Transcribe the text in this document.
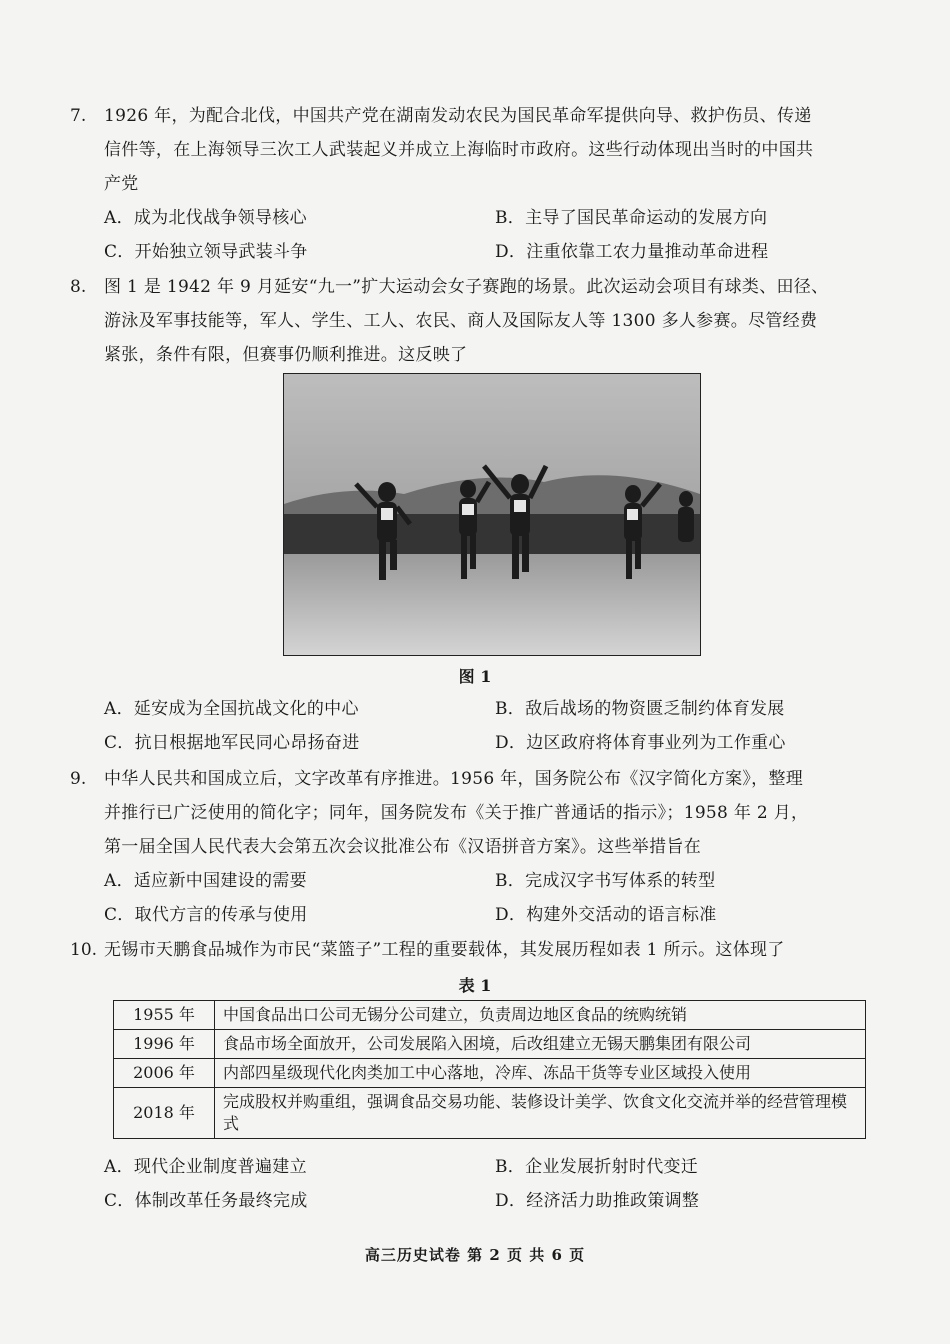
7. 1926 年，为配合北伐，中国共产党在湖南发动农民为国民革命军提供向导、救护伤员、传递
信件等，在上海领导三次工人武装起义并成立上海临时市政府。这些行动体现出当时的中国共
产党
A．成为北伐战争领导核心	B．主导了国民革命运动的发展方向
C．开始独立领导武装斗争	D．注重依靠工农力量推动革命进程
8. 图 1 是 1942 年 9 月延安“九一”扩大运动会女子赛跑的场景。此次运动会项目有球类、田径、
游泳及军事技能等，军人、学生、工人、农民、商人及国际友人等 1300 多人参赛。尽管经费
紧张，条件有限，但赛事仍顺利推进。这反映了
图 1
A．延安成为全国抗战文化的中心	B．敌后战场的物资匮乏制约体育发展
C．抗日根据地军民同心昂扬奋进	D．边区政府将体育事业列为工作重心
9. 中华人民共和国成立后，文字改革有序推进。1956 年，国务院公布《汉字简化方案》，整理
并推行已广泛使用的简化字；同年，国务院发布《关于推广普通话的指示》；1958 年 2 月，
第一届全国人民代表大会第五次会议批准公布《汉语拼音方案》。这些举措旨在
A．适应新中国建设的需要	B．完成汉字书写体系的转型
C．取代方言的传承与使用	D．构建外交活动的语言标准
10. 无锡市天鹏食品城作为市民“菜篮子”工程的重要载体，其发展历程如表 1 所示。这体现了
表 1
1955 年	中国食品出口公司无锡分公司建立，负责周边地区食品的统购统销
1996 年	食品市场全面放开，公司发展陷入困境，后改组建立无锡天鹏集团有限公司
2006 年	内部四星级现代化肉类加工中心落地，冷库、冻品干货等专业区域投入使用
2018 年	完成股权并购重组，强调食品交易功能、装修设计美学、饮食文化交流并举的经营管理模式
A．现代企业制度普遍建立	B．企业发展折射时代变迁
C．体制改革任务最终完成	D．经济活力助推政策调整
高三历史试卷 第 2 页 共 6 页
